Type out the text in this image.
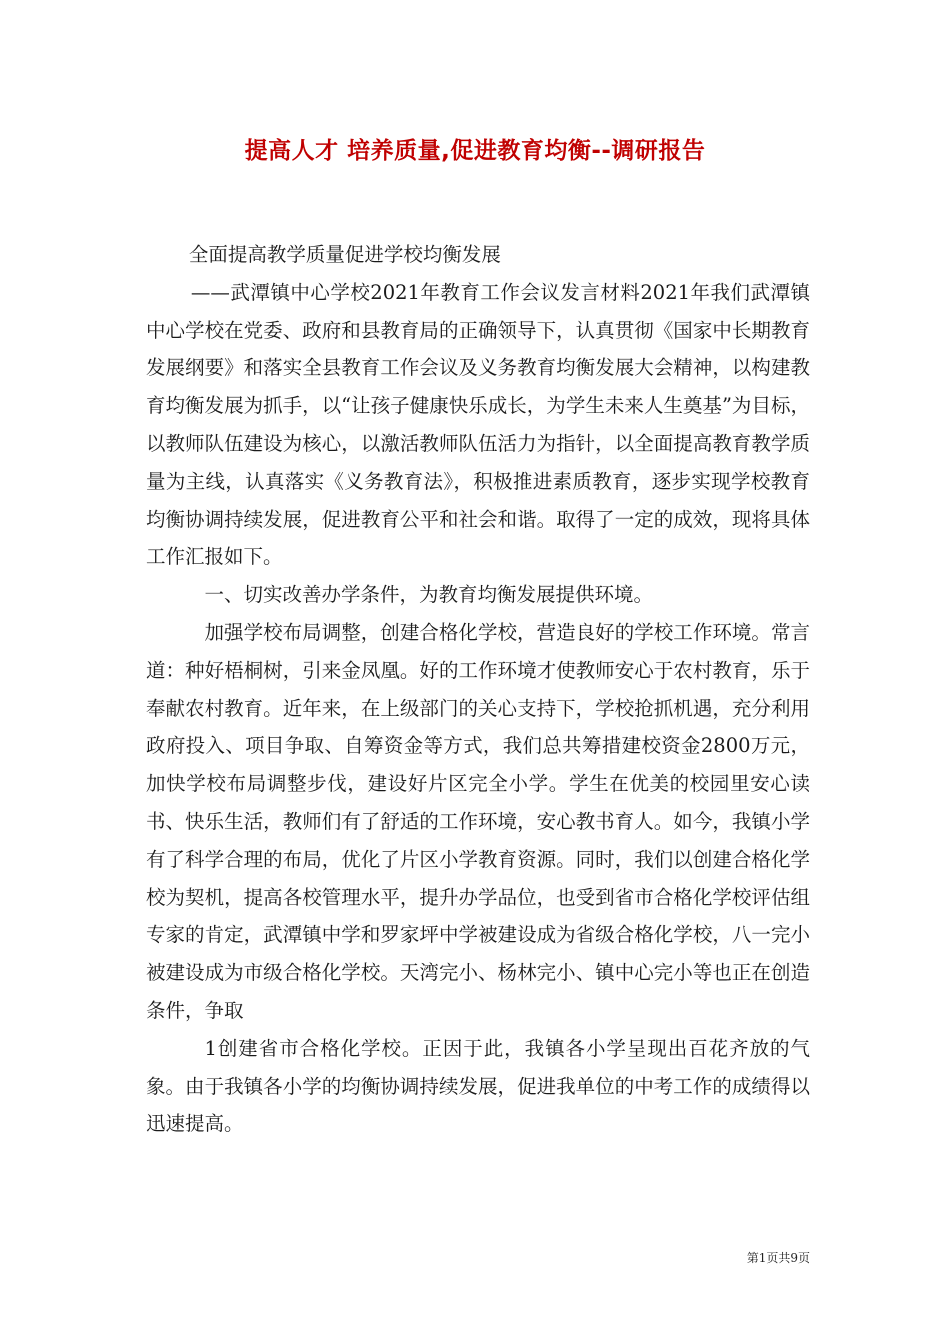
提高人才 培养质量,促进教育均衡--调研报告

全面提高教学质量促进学校均衡发展

——武潭镇中心学校2021年教育工作会议发言材料2021年我们武潭镇中心学校在党委、政府和县教育局的正确领导下，认真贯彻《国家中长期教育发展纲要》和落实全县教育工作会议及义务教育均衡发展大会精神，以构建教育均衡发展为抓手，以“让孩子健康快乐成长，为学生未来人生奠基”为目标，以教师队伍建设为核心，以激活教师队伍活力为指针，以全面提高教育教学质量为主线，认真落实《义务教育法》，积极推进素质教育，逐步实现学校教育均衡协调持续发展，促进教育公平和社会和谐。取得了一定的成效，现将具体工作汇报如下。

一、切实改善办学条件，为教育均衡发展提供环境。

加强学校布局调整，创建合格化学校，营造良好的学校工作环境。常言道：种好梧桐树，引来金凤凰。好的工作环境才使教师安心于农村教育，乐于奉献农村教育。近年来，在上级部门的关心支持下，学校抢抓机遇，充分利用政府投入、项目争取、自筹资金等方式，我们总共筹措建校资金2800万元，加快学校布局调整步伐，建设好片区完全小学。学生在优美的校园里安心读书、快乐生活，教师们有了舒适的工作环境，安心教书育人。如今，我镇小学有了科学合理的布局，优化了片区小学教育资源。同时，我们以创建合格化学校为契机，提高各校管理水平，提升办学品位，也受到省市合格化学校评估组专家的肯定，武潭镇中学和罗家坪中学被建设成为省级合格化学校，八一完小被建设成为市级合格化学校。天湾完小、杨林完小、镇中心完小等也正在创造条件，争取

1创建省市合格化学校。正因于此，我镇各小学呈现出百花齐放的气象。由于我镇各小学的均衡协调持续发展，促进我单位的中考工作的成绩得以迅速提高。

第1页共9页
